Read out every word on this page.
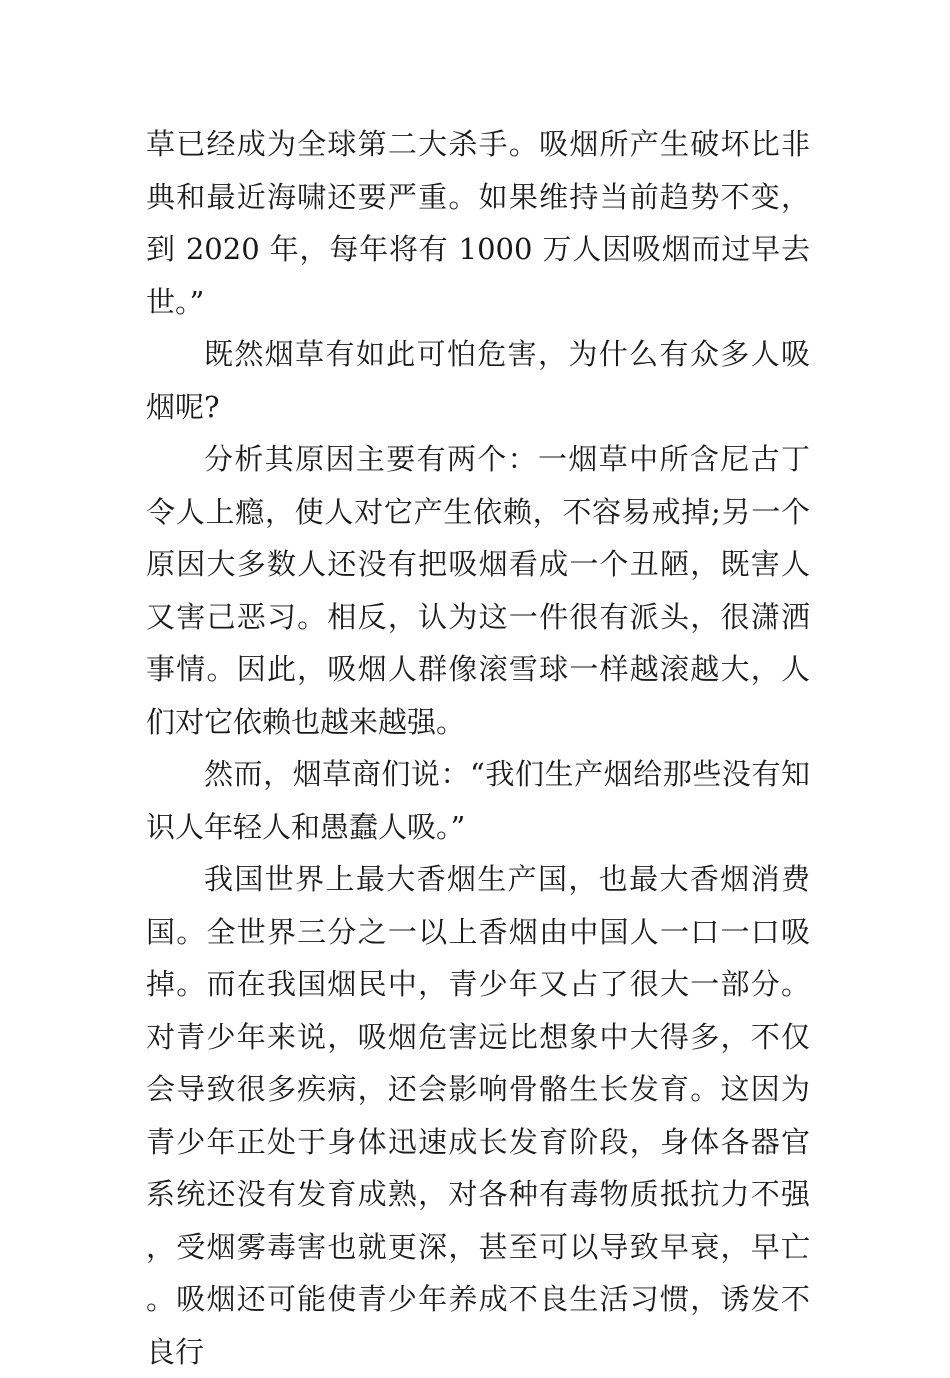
草已经成为全球第二大杀手。吸烟所产生破坏比非典和最近海啸还要严重。如果维持当前趋势不变，到 2020 年，每年将有 1000 万人因吸烟而过早去世。”

既然烟草有如此可怕危害，为什么有众多人吸烟呢?

分析其原因主要有两个：一烟草中所含尼古丁令人上瘾，使人对它产生依赖，不容易戒掉;另一个原因大多数人还没有把吸烟看成一个丑陋，既害人又害己恶习。相反，认为这一件很有派头，很潇洒事情。因此，吸烟人群像滚雪球一样越滚越大，人们对它依赖也越来越强。

然而，烟草商们说：“我们生产烟给那些没有知识人年轻人和愚蠢人吸。”

我国世界上最大香烟生产国，也最大香烟消费国。全世界三分之一以上香烟由中国人一口一口吸掉。而在我国烟民中，青少年又占了很大一部分。对青少年来说，吸烟危害远比想象中大得多，不仅会导致很多疾病，还会影响骨骼生长发育。这因为青少年正处于身体迅速成长发育阶段，身体各器官系统还没有发育成熟，对各种有毒物质抵抗力不强，受烟雾毒害也就更深，甚至可以导致早衰，早亡。吸烟还可能使青少年养成不良生活习惯，诱发不良行
